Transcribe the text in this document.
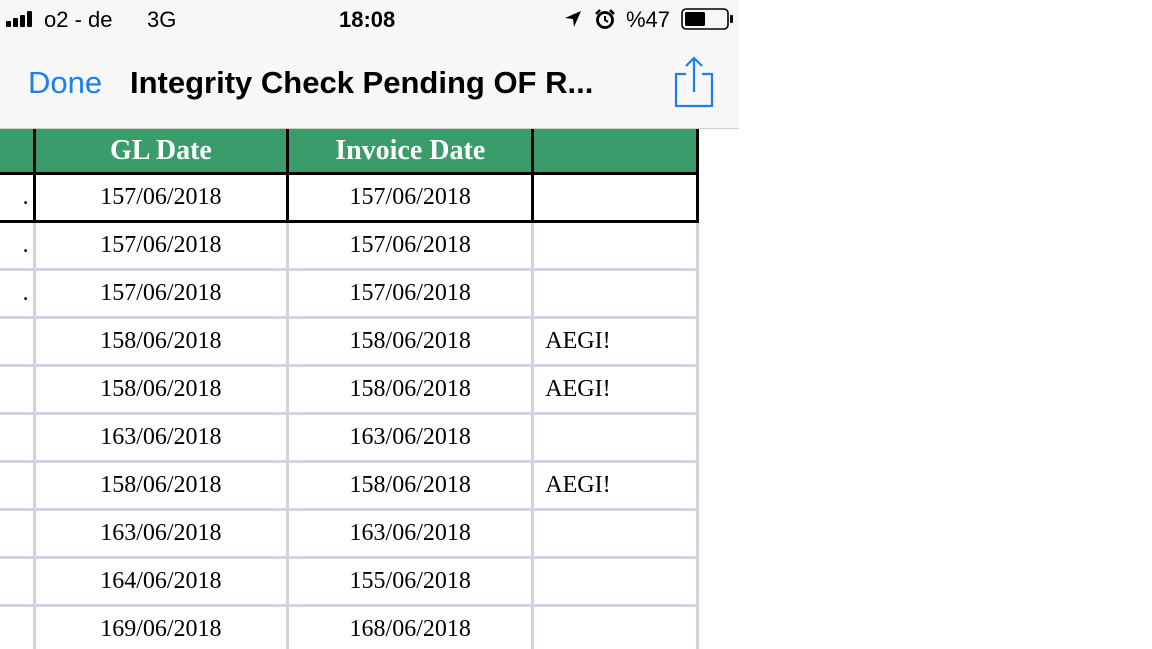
o2 - de 3G	18:08	%47
Done Integrity Check Pending OF R...
	GL Date	Invoice Date	
.	157/06/2018	157/06/2018	
.	157/06/2018	157/06/2018	
.	157/06/2018	157/06/2018	
	158/06/2018	158/06/2018	AEGI!
	158/06/2018	158/06/2018	AEGI!
	163/06/2018	163/06/2018	
	158/06/2018	158/06/2018	AEGI!
	163/06/2018	163/06/2018	
	164/06/2018	155/06/2018	
	169/06/2018	168/06/2018	
